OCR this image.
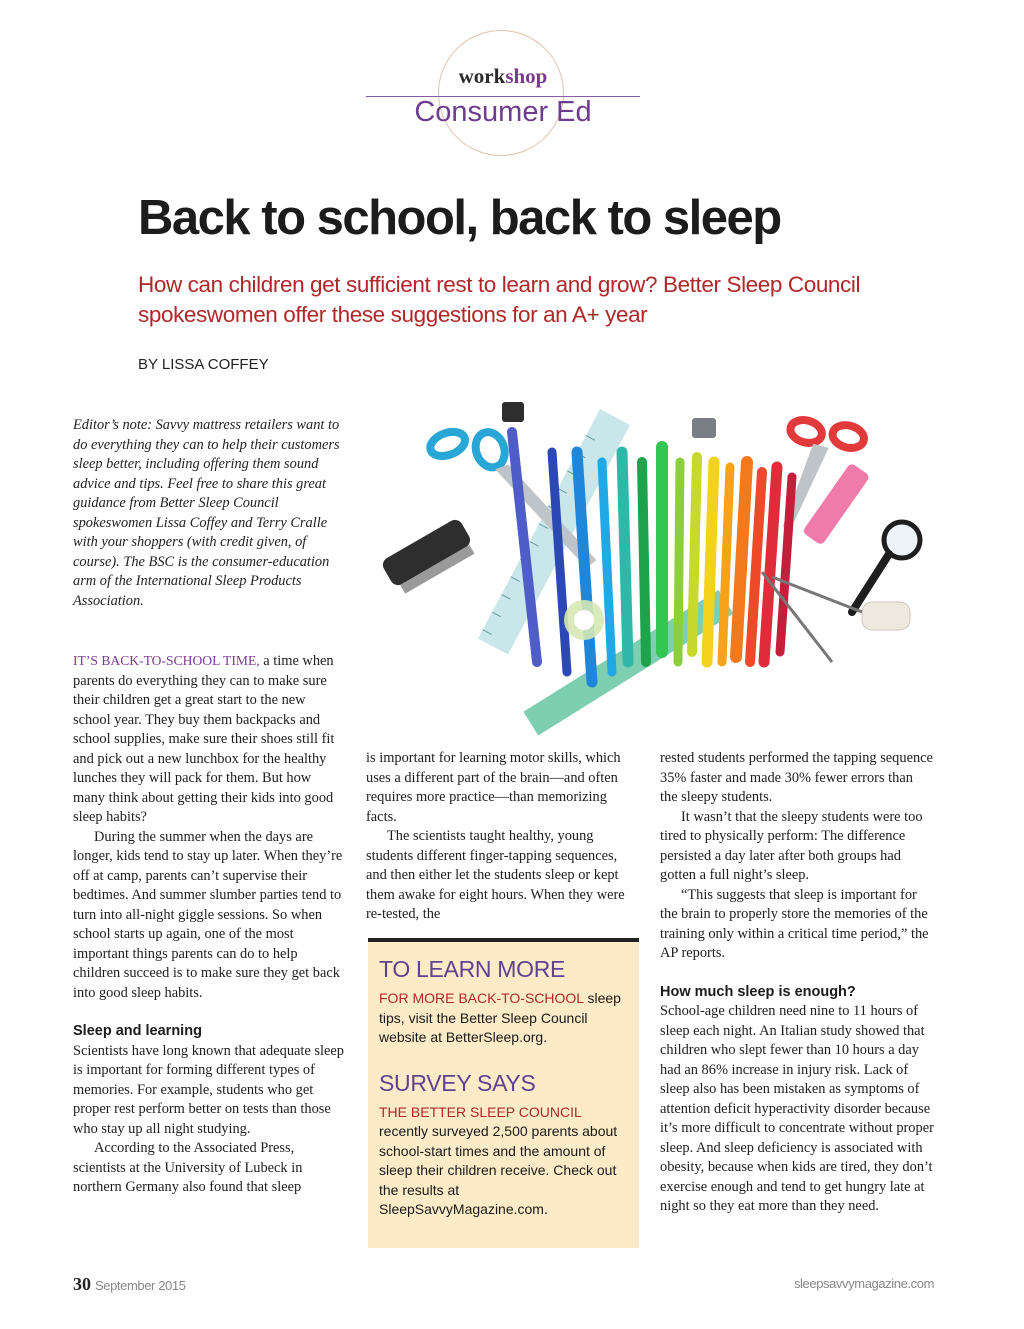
workshop
Consumer Ed
Back to school, back to sleep

How can children get sufficient rest to learn and grow? Better Sleep Council spokeswomen offer these suggestions for an A+ year

BY LISSA COFFEY

Editor’s note: Savvy mattress retailers want to do everything they can to help their customers sleep better, including offering them sound advice and tips. Feel free to share this great guidance from Better Sleep Council spokeswomen Lissa Coffey and Terry Cralle with your shoppers (with credit given, of course). The BSC is the consumer-education arm of the International Sleep Products Association.

IT’S BACK-TO-SCHOOL TIME, a time when parents do everything they can to make sure their children get a great start to the new school year. They buy them backpacks and school supplies, make sure their shoes still fit and pick out a new lunchbox for the healthy lunches they will pack for them. But how many think about getting their kids into good sleep habits?

During the summer when the days are longer, kids tend to stay up later. When they’re off at camp, parents can’t supervise their bedtimes. And summer slumber parties tend to turn into all-night giggle sessions. So when school starts up again, one of the most important things parents can do to help children succeed is to make sure they get back into good sleep habits.

Sleep and learning

Scientists have long known that adequate sleep is important for forming different types of memories. For example, students who get proper rest perform better on tests than those who stay up all night studying.

According to the Associated Press, scientists at the University of Lubeck in northern Germany also found that sleep

is important for learning motor skills, which uses a different part of the brain—and often requires more practice—than memorizing facts.

The scientists taught healthy, young students different finger-tapping sequences, and then either let the students sleep or kept them awake for eight hours. When they were re-tested, the

TO LEARN MORE

FOR MORE BACK-TO-SCHOOL sleep tips, visit the Better Sleep Council website at BetterSleep.org.

SURVEY SAYS

THE BETTER SLEEP COUNCIL recently surveyed 2,500 parents about school-start times and the amount of sleep their children receive. Check out the results at SleepSavvyMagazine.com.

rested students performed the tapping sequence 35% faster and made 30% fewer errors than the sleepy students.

It wasn’t that the sleepy students were too tired to physically perform: The difference persisted a day later after both groups had gotten a full night’s sleep.

“This suggests that sleep is important for the brain to properly store the memories of the training only within a critical time period,” the AP reports.

How much sleep is enough?

School-age children need nine to 11 hours of sleep each night. An Italian study showed that children who slept fewer than 10 hours a day had an 86% increase in injury risk. Lack of sleep also has been mistaken as symptoms of attention deficit hyperactivity disorder because it’s more difficult to concentrate without proper sleep. And sleep deficiency is associated with obesity, because when kids are tired, they don’t exercise enough and tend to get hungry late at night so they eat more than they need.

30 September 2015	sleepsavvymagazine.com
